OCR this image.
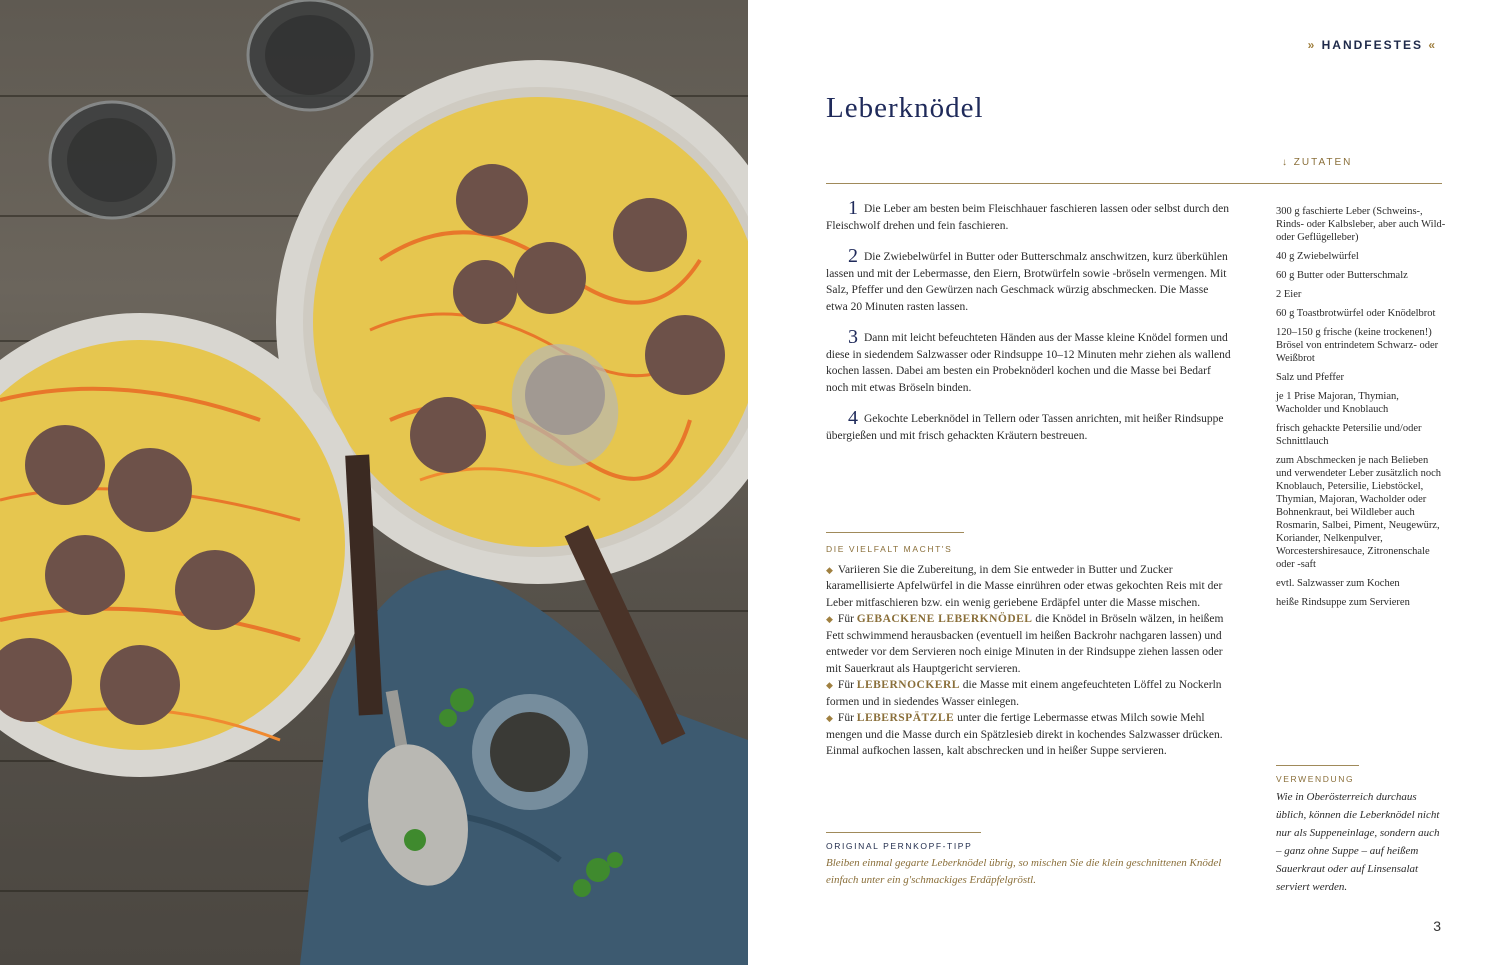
» HANDFESTES «
Leberknödel
↓ ZUTATEN
1 Die Leber am besten beim Fleischhauer faschieren lassen oder selbst durch den Fleischwolf drehen und fein faschieren.
2 Die Zwiebelwürfel in Butter oder Butterschmalz anschwitzen, kurz überkühlen lassen und mit der Lebermasse, den Eiern, Brotwürfeln sowie -bröseln vermengen. Mit Salz, Pfeffer und den Gewürzen nach Geschmack würzig abschmecken. Die Masse etwa 20 Minuten rasten lassen.
3 Dann mit leicht befeuchteten Händen aus der Masse kleine Knödel formen und diese in siedendem Salzwasser oder Rindsuppe 10–12 Minuten mehr ziehen als wallend kochen lassen. Dabei am besten ein Probeknöderl kochen und die Masse bei Bedarf noch mit etwas Bröseln binden.
4 Gekochte Leberknödel in Tellern oder Tassen anrichten, mit heißer Rindsuppe übergießen und mit frisch gehackten Kräutern bestreuen.

300 g faschierte Leber (Schweins-, Rinds- oder Kalbsleber, aber auch Wild- oder Geflügelleber)

40 g Zwiebelwürfel

60 g Butter oder Butterschmalz

2 Eier

60 g Toastbrotwürfel oder Knödelbrot

120–150 g frische (keine trockenen!) Brösel von entrindetem Schwarz- oder Weißbrot

Salz und Pfeffer

je 1 Prise Majoran, Thymian, Wacholder und Knoblauch

frisch gehackte Petersilie und/oder Schnittlauch

zum Abschmecken je nach Belieben und verwendeter Leber zusätzlich noch Knoblauch, Petersilie, Liebstöckel, Thymian, Majoran, Wacholder oder Bohnenkraut, bei Wildleber auch Rosmarin, Salbei, Piment, Neugewürz, Koriander, Nelkenpulver, Worcestershiresauce, Zitronenschale oder -saft

evtl. Salzwasser zum Kochen

heiße Rindsuppe zum Servieren

DIE VIELFALT MACHT'S

◆ Variieren Sie die Zubereitung, in dem Sie entweder in Butter und Zucker karamellisierte Apfelwürfel in die Masse einrühren oder etwas gekochten Reis mit der Leber mitfaschieren bzw. ein wenig geriebene Erdäpfel unter die Masse mischen.

◆ Für GEBACKENE LEBERKNÖDEL die Knödel in Bröseln wälzen, in heißem Fett schwimmend herausbacken (eventuell im heißen Backrohr nachgaren lassen) und entweder vor dem Servieren noch einige Minuten in der Rindsuppe ziehen lassen oder mit Sauerkraut als Hauptgericht servieren.

◆ Für LEBERNOCKERL die Masse mit einem angefeuchteten Löffel zu Nockerln formen und in siedendes Wasser einlegen.

◆ Für LEBERSPÄTZLE unter die fertige Lebermasse etwas Milch sowie Mehl mengen und die Masse durch ein Spätzlesieb direkt in kochendes Salzwasser drücken. Einmal aufkochen lassen, kalt abschrecken und in heißer Suppe servieren.

ORIGINAL PERNKOPF-TIPP

Bleiben einmal gegarte Leberknödel übrig, so mischen Sie die klein geschnittenen Knödel einfach unter ein g'schmackiges Erdäpfelgröstl.

VERWENDUNG

Wie in Oberösterreich durchaus üblich, können die Leberknödel nicht nur als Suppeneinlage, sondern auch – ganz ohne Suppe – auf heißem Sauerkraut oder auf Linsensalat serviert werden.

3
